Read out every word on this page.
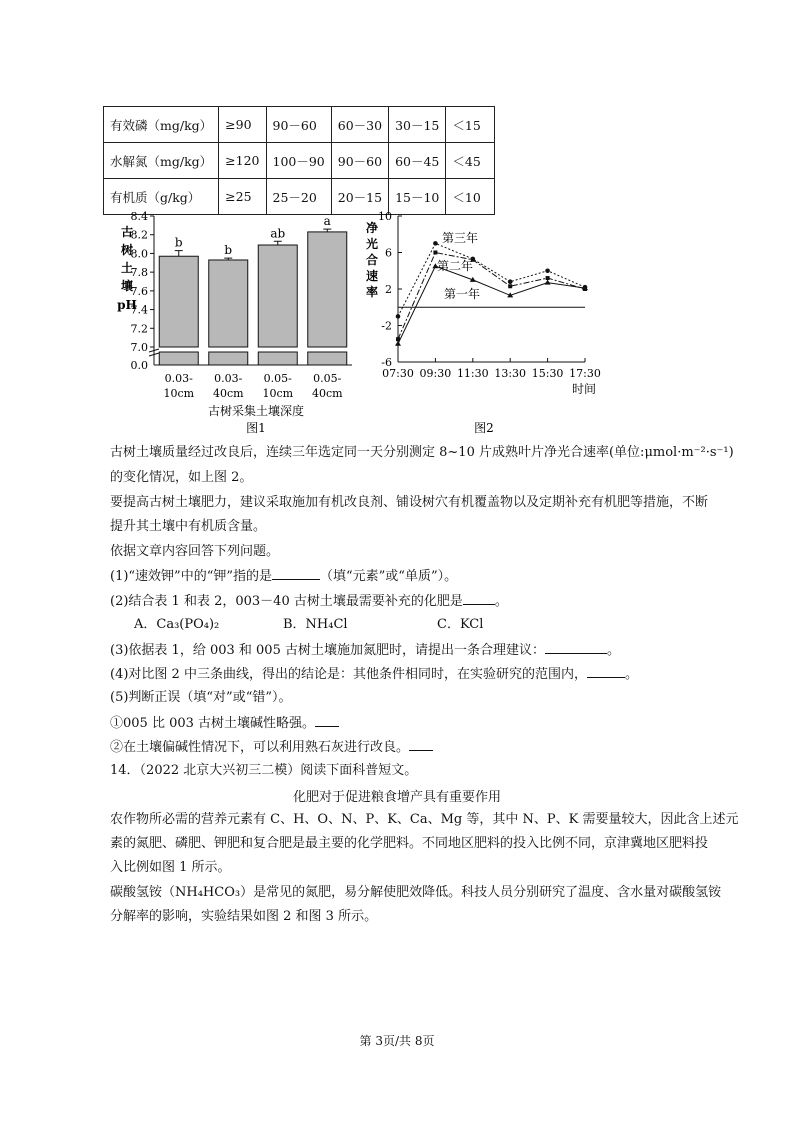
有效磷（mg/kg）	≥90	90－60	60－30	30－15	＜15
水解氮（mg/kg）	≥120	100－90	90－60	60－45	＜45
有机质（g/kg）	≥25	25－20	20－15	15－10	＜10
古
树
土
壤
pH
8.4
8.2
8.0
7.8
7.6
7.4
7.2
7.0
0.0
b
0.03-
10cm
b
0.03-
40cm
ab
0.05-
10cm
a
0.05-
40cm
古树采集土壤深度
图1
净
光
合
速
率
10
6
2
-2
-6
07:30 09:30 11:30 13:30 15:30 17:30
第三年
第二年
第一年
时间
图2
古树土壤质量经过改良后，连续三年选定同一天分别测定 8~10 片成熟叶片净光合速率(单位:μmol·m⁻²·s⁻¹)
的变化情况，如上图 2。
要提高古树土壤肥力，建议采取施加有机改良剂、铺设树穴有机覆盖物以及定期补充有机肥等措施，不断
提升其土壤中有机质含量。
依据文章内容回答下列问题。
(1)“速效钾”中的“钾”指的是	（填“元素”或“单质”）。
(2)结合表 1 和表 2，003－40 古树土壤最需要补充的化肥是 。
A．Ca₃(PO₄)₂	B．NH₄Cl	C．KCl
(3)依据表 1，给 003 和 005 古树土壤施加氮肥时，请提出一条合理建议：	。
(4)对比图 2 中三条曲线，得出的结论是：其他条件相同时，在实验研究的范围内，	。
(5)判断正误（填“对”或“错”）。
①005 比 003 古树土壤碱性略强。
②在土壤偏碱性情况下，可以利用熟石灰进行改良。
14．（2022 北京大兴初三二模）阅读下面科普短文。
化肥对于促进粮食增产具有重要作用
农作物所必需的营养元素有 C、H、O、N、P、K、Ca、Mg 等，其中 N、P、K 需要量较大，因此含上述元
素的氮肥、磷肥、钾肥和复合肥是最主要的化学肥料。不同地区肥料的投入比例不同，京津冀地区肥料投
入比例如图 1 所示。
碳酸氢铵（NH₄HCO₃）是常见的氮肥，易分解使肥效降低。科技人员分别研究了温度、含水量对碳酸氢铵
分解率的影响，实验结果如图 2 和图 3 所示。
第 3页/共 8页
